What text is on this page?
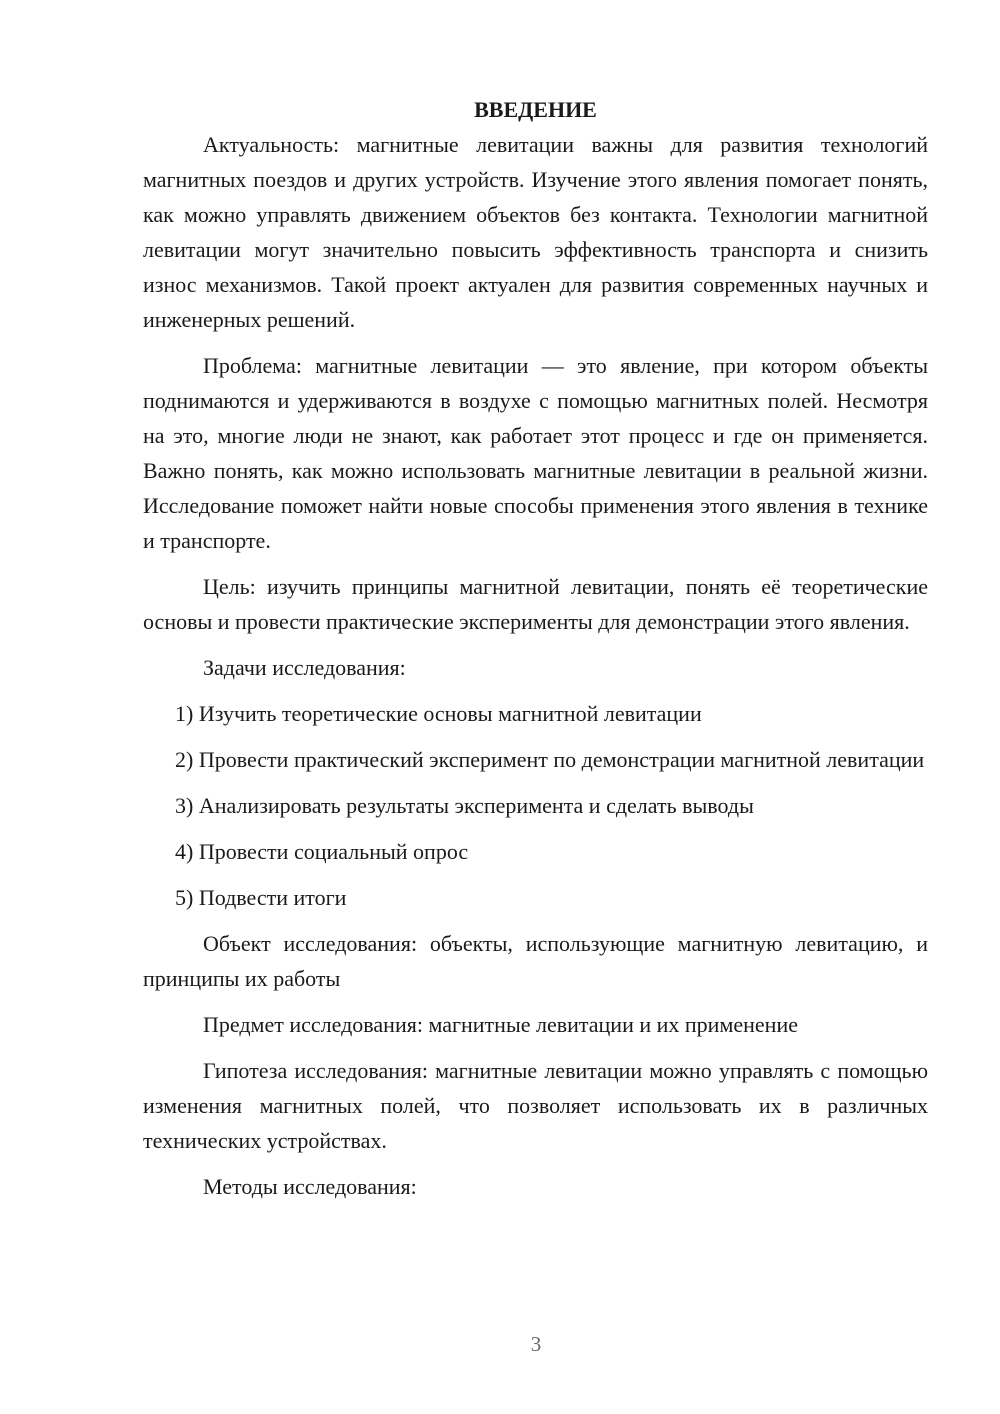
ВВЕДЕНИЕ

Актуальность: магнитные левитации важны для развития технологий магнитных поездов и других устройств. Изучение этого явления помогает понять, как можно управлять движением объектов без контакта. Технологии магнитной левитации могут значительно повысить эффективность транспорта и снизить износ механизмов. Такой проект актуален для развития современных научных и инженерных решений.

Проблема: магнитные левитации — это явление, при котором объекты поднимаются и удерживаются в воздухе с помощью магнитных полей. Несмотря на это, многие люди не знают, как работает этот процесс и где он применяется. Важно понять, как можно использовать магнитные левитации в реальной жизни. Исследование поможет найти новые способы применения этого явления в технике и транспорте.

Цель: изучить принципы магнитной левитации, понять её теоретические основы и провести практические эксперименты для демонстрации этого явления.

Задачи исследования:

1) Изучить теоретические основы магнитной левитации

2) Провести практический эксперимент по демонстрации магнитной левитации

3) Анализировать результаты эксперимента и сделать выводы

4) Провести социальный опрос

5) Подвести итоги

Объект исследования: объекты, использующие магнитную левитацию, и принципы их работы

Предмет исследования: магнитные левитации и их применение

Гипотеза исследования: магнитные левитации можно управлять с помощью изменения магнитных полей, что позволяет использовать их в различных технических устройствах.

Методы исследования:

3
